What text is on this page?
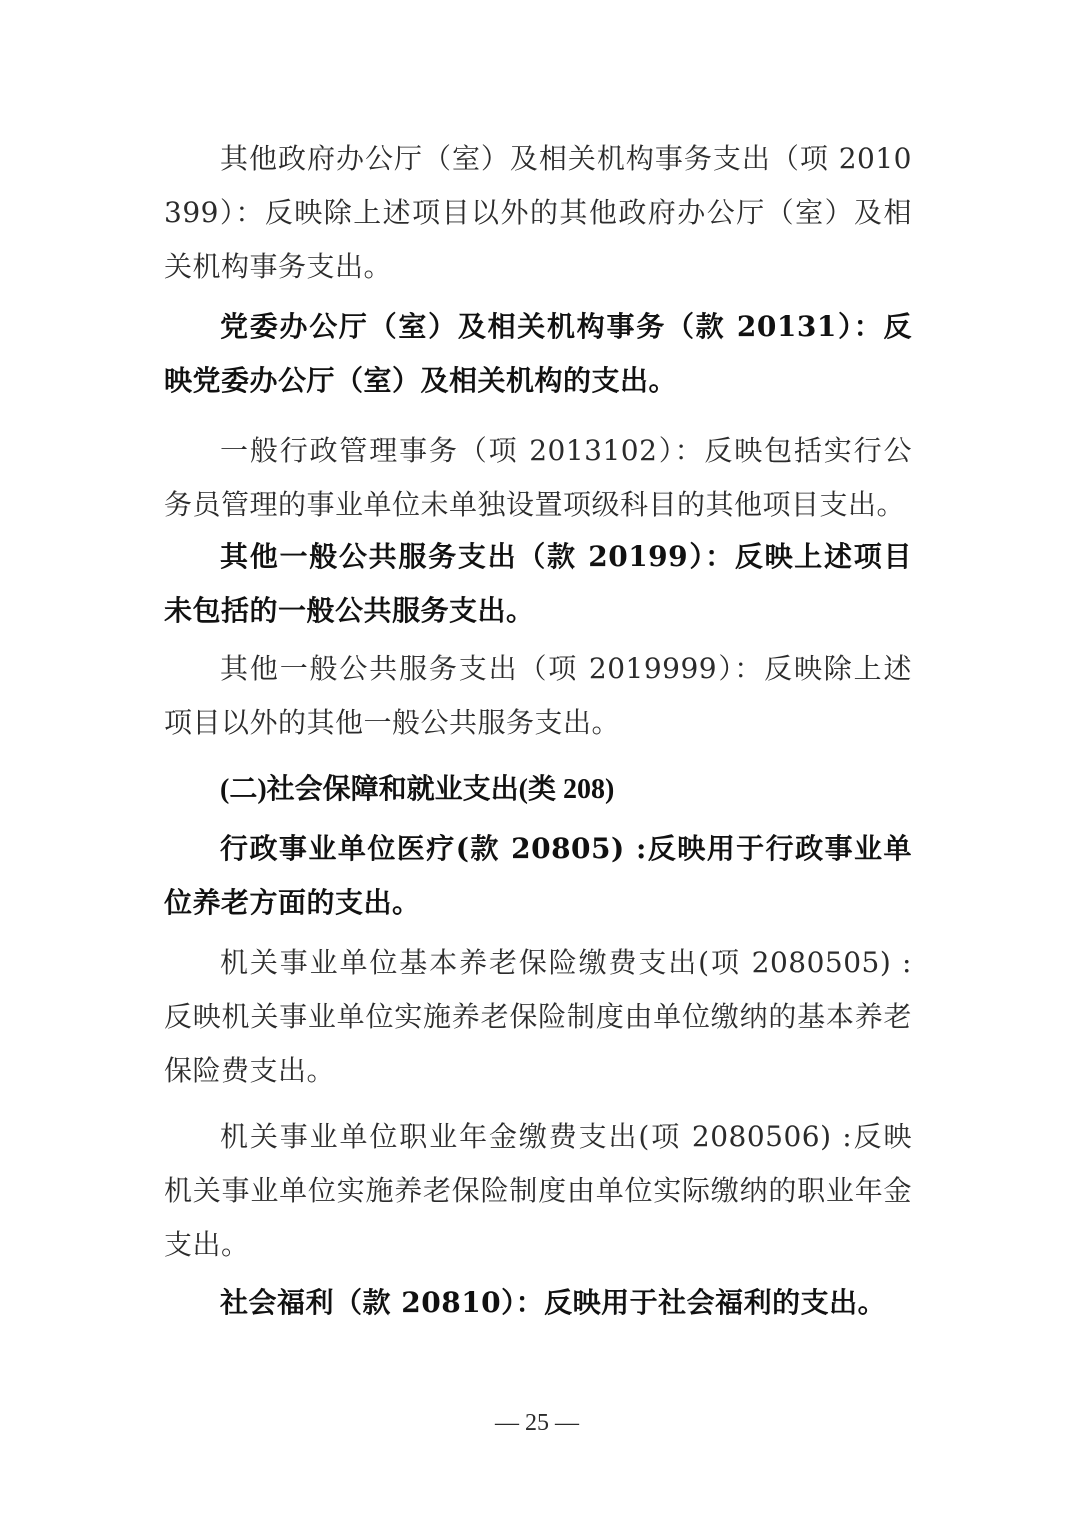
其他政府办公厅（室）及相关机构事务支出（项 2010399）：反映除上述项目以外的其他政府办公厅（室）及相关机构事务支出。

党委办公厅（室）及相关机构事务（款 20131）：反映党委办公厅（室）及相关机构的支出。

一般行政管理事务（项 2013102）：反映包括实行公务员管理的事业单位未单独设置项级科目的其他项目支出。

其他一般公共服务支出（款 20199）：反映上述项目未包括的一般公共服务支出。

其他一般公共服务支出（项 2019999）：反映除上述项目以外的其他一般公共服务支出。

(二)社会保障和就业支出(类 208)

行政事业单位医疗(款 20805) :反映用于行政事业单位养老方面的支出。

机关事业单位基本养老保险缴费支出(项 2080505) :反映机关事业单位实施养老保险制度由单位缴纳的基本养老保险费支出。

机关事业单位职业年金缴费支出(项 2080506) :反映机关事业单位实施养老保险制度由单位实际缴纳的职业年金支出。

社会福利（款 20810）：反映用于社会福利的支出。

— 25 —
